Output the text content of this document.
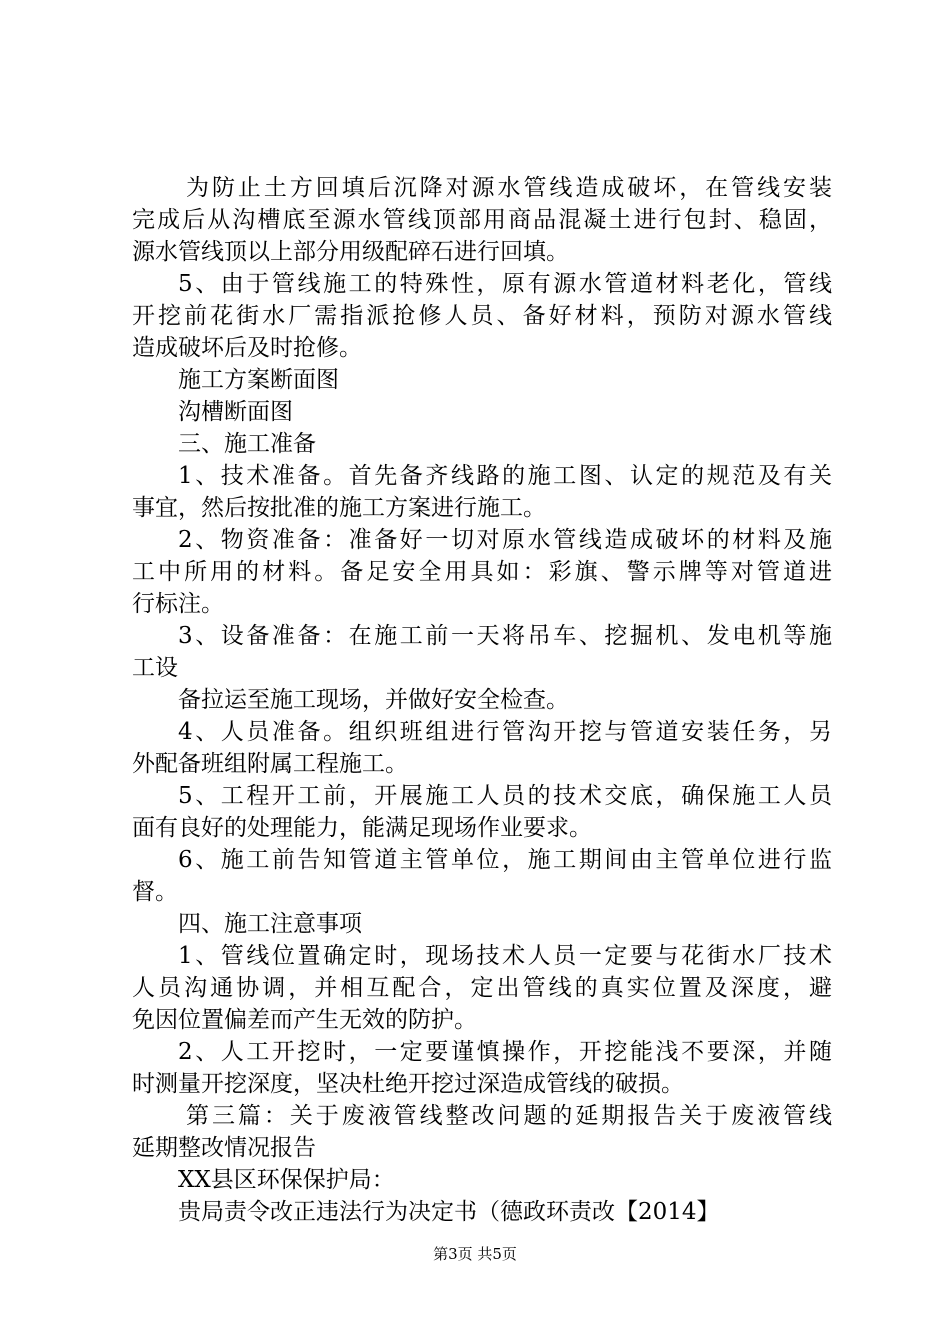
为防止土方回填后沉降对源水管线造成破坏，在管线安装
完成后从沟槽底至源水管线顶部用商品混凝土进行包封、稳固，
源水管线顶以上部分用级配碎石进行回填。
5、由于管线施工的特殊性，原有源水管道材料老化，管线
开挖前花街水厂需指派抢修人员、备好材料，预防对源水管线
造成破坏后及时抢修。
施工方案断面图
沟槽断面图
三、施工准备
1、技术准备。首先备齐线路的施工图、认定的规范及有关
事宜，然后按批准的施工方案进行施工。
2、物资准备：准备好一切对原水管线造成破坏的材料及施
工中所用的材料。备足安全用具如：彩旗、警示牌等对管道进
行标注。
3、设备准备：在施工前一天将吊车、挖掘机、发电机等施
工设
备拉运至施工现场，并做好安全检查。
4、人员准备。组织班组进行管沟开挖与管道安装任务，另
外配备班组附属工程施工。
5、工程开工前，开展施工人员的技术交底，确保施工人员
面有良好的处理能力，能满足现场作业要求。
6、施工前告知管道主管单位，施工期间由主管单位进行监
督。
四、施工注意事项
1、管线位置确定时，现场技术人员一定要与花街水厂技术
人员沟通协调，并相互配合，定出管线的真实位置及深度，避
免因位置偏差而产生无效的防护。
2、人工开挖时，一定要谨慎操作，开挖能浅不要深，并随
时测量开挖深度，坚决杜绝开挖过深造成管线的破损。
第三篇：关于废液管线整改问题的延期报告关于废液管线
延期整改情况报告
XX县区环保保护局：
贵局责令改正违法行为决定书（德政环责改【2014】
第3页 共5页
